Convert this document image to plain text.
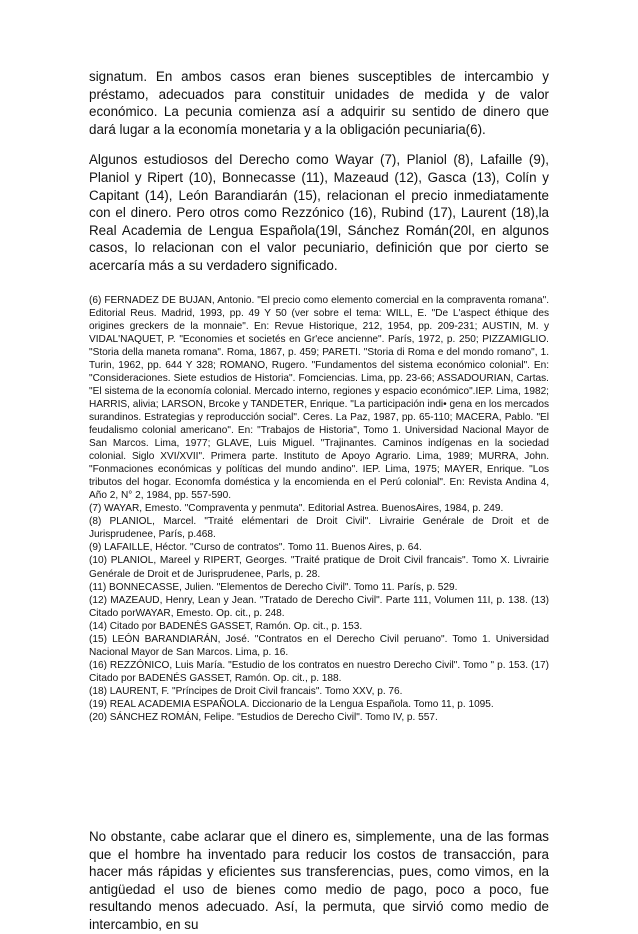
signatum. En ambos casos eran bienes susceptibles de intercambio y préstamo, adecuados para constituir unidades de medida y de valor económico. La pecunia comienza así a adquirir su sentido de dinero que dará lugar a la economía monetaria y a la obligación pecuniaria(6).

Algunos estudiosos del Derecho como Wayar (7), Planiol (8), Lafaille (9), Planiol y Ripert (10), Bonnecasse (11), Mazeaud (12), Gasca (13), Colín y Capitant (14), León Barandiarán (15), relacionan el precio inmediatamente con el dinero. Pero otros como Rezzónico (16), Rubind (17), Laurent (18),la Real Academia de Lengua Española(19l, Sánchez Román(20l, en algunos casos, lo relacionan con el valor pecuniario, definición que por cierto se acercaría más a su verdadero significado.

(6) FERNADEZ DE BUJAN, Antonio. "El precio como elemento comercial en la compraventa romana". Editorial Reus. Madrid, 1993, pp. 49 Y 50 (ver sobre el tema: WILL, E. "De L'aspect éthique des origines greckers de la monnaie". En: Revue Historique, 212, 1954, pp. 209-231; AUSTIN, M. y VIDAL'NAQUET, P. "Economies et societés en Gr'ece ancienne". París, 1972, p. 250; PIZZAMIGLIO. "Storia della maneta romana". Roma, 1867, p. 459; PARETI. "Storia di Roma e del mondo romano", 1. Turin, 1962, pp. 644 Y 328; ROMANO, Rugero. "Fundamentos del sistema económico colonial". En: "Consideraciones. Siete estudios de Historia". Fomciencias. Lima, pp. 23-66; ASSADOURIAN, Cartas. "El sistema de la economía colonial. Mercado interno, regiones y espacio económico".IEP. Lima, 1982; HARRIS, alivia; LARSON, Brcoke y TANDETER, Enrique. "La participación indi• gena en los mercados surandinos. Estrategias y reproducción social". Ceres. La Paz, 1987, pp. 65-110; MACERA, Pablo. "El feudalismo colonial americano". En: "Trabajos de Historia", Tomo 1. Universidad Nacional Mayor de San Marcos. Lima, 1977; GLAVE, Luis Miguel. "Trajinantes. Caminos indígenas en la sociedad colonial. Siglo XVI/XVII". Primera parte. Instituto de Apoyo Agrario. Lima, 1989; MURRA, John. "Fonmaciones económicas y políticas del mundo andino". IEP. Lima, 1975; MAYER, Enrique. "Los tributos del hogar. Economfa doméstica y la encomienda en el Perú colonial". En: Revista Andina 4, Año 2, N° 2, 1984, pp. 557-590.

(7) WAYAR, Emesto. "Compraventa y penmuta". Editorial Astrea. BuenosAires, 1984, p. 249.

(8) PLANIOL, Marcel. "Traité elémentari de Droit Civil". Livrairie Genérale de Droit et de Jurisprudenee, París, p.468.

(9) LAFAILLE, Héctor. "Curso de contratos". Tomo 11. Buenos Aires, p. 64.

(10) PLANIOL, Mareel y RIPERT, Georges. "Traité pratique de Droit Civil francais". Tomo X. Livrairie Genérale de Droit et de Jurisprudenee, Parls, p. 28.

(11) BONNECASSE, Julien. "Elementos de Derecho Civil". Tomo 11. París, p. 529.

(12) MAZEAUD, Henry, Lean y Jean. "Tratado de Derecho Civil". Parte 111, Volumen 11I, p. 138. (13) Citado porWAYAR, Emesto. Op. cit., p. 248.

(14) Citado por BADENÉS GASSET, Ramón. Op. cit., p. 153.

(15) LEÓN BARANDIARÁN, José. "Contratos en el Derecho Civil peruano". Tomo 1. Universidad Nacional Mayor de San Marcos. Lima, p. 16.

(16) REZZÓNICO, Luis María. "Estudio de los contratos en nuestro Derecho Civil". Tomo " p. 153. (17) Citado por BADENÉS GASSET, Ramón. Op. cit., p. 188.

(18) LAURENT, F. "Príncipes de Droit Civil francais". Tomo XXV, p. 76.

(19) REAL ACADEMIA ESPAÑOLA. Diccionario de la Lengua Española. Tomo 11, p. 1095.

(20) SÁNCHEZ ROMÁN, Felipe. "Estudios de Derecho Civil". Tomo IV, p. 557.

No obstante, cabe aclarar que el dinero es, simplemente, una de las formas que el hombre ha inventado para reducir los costos de transacción, para hacer más rápidas y eficientes sus transferencias, pues, como vimos, en la antigüedad el uso de bienes como medio de pago, poco a poco, fue resultando menos adecuado. Así, la permuta, que sirvió como medio de intercambio, en su
